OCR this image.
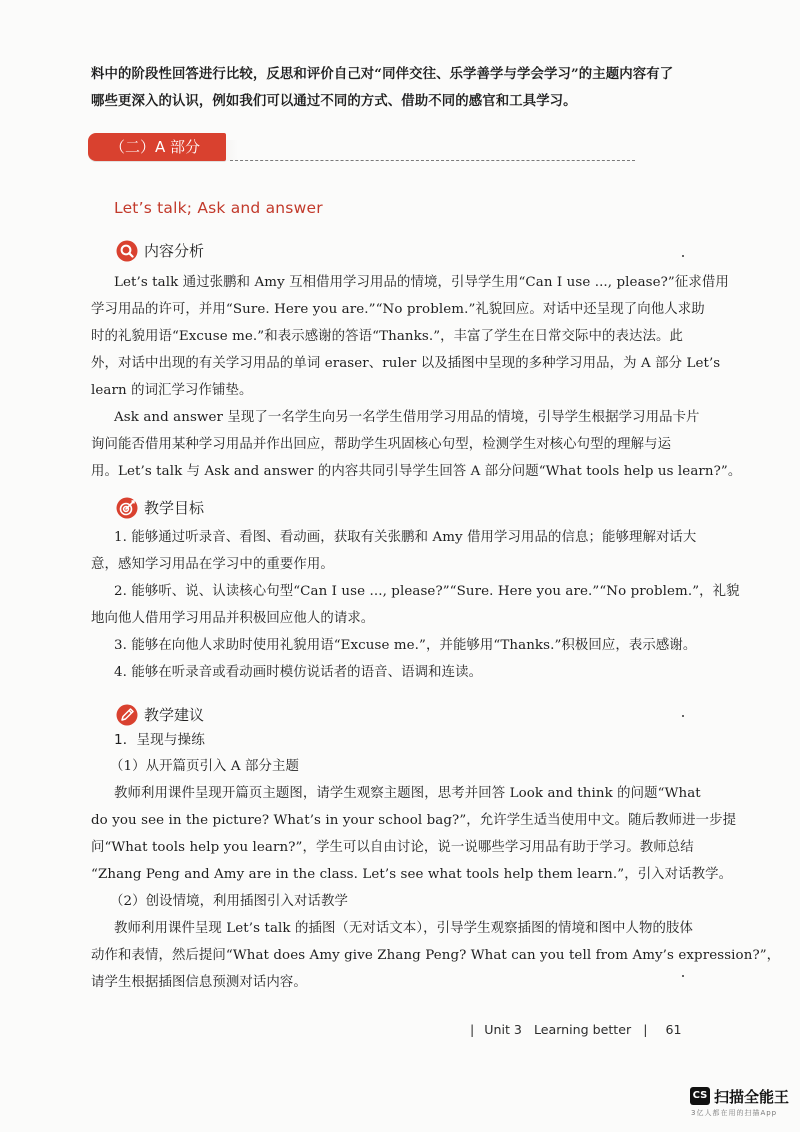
料中的阶段性回答进行比较，反思和评价自己对“同伴交往、乐学善学与学会学习”的主题内容有了
哪些更深入的认识，例如我们可以通过不同的方式、借助不同的感官和工具学习。
（二）A 部分
Let’s talk; Ask and answer
内容分析
Let’s talk 通过张鹏和 Amy 互相借用学习用品的情境，引导学生用“Can I use ..., please?”征求借用
学习用品的许可，并用“Sure. Here you are.”“No problem.”礼貌回应。对话中还呈现了向他人求助
时的礼貌用语“Excuse me.”和表示感谢的答语“Thanks.”，丰富了学生在日常交际中的表达法。此
外，对话中出现的有关学习用品的单词 eraser、ruler 以及插图中呈现的多种学习用品，为 A 部分 Let’s
learn 的词汇学习作铺垫。
Ask and answer 呈现了一名学生向另一名学生借用学习用品的情境，引导学生根据学习用品卡片
询问能否借用某种学习用品并作出回应，帮助学生巩固核心句型，检测学生对核心句型的理解与运
用。Let’s talk 与 Ask and answer 的内容共同引导学生回答 A 部分问题“What tools help us learn?”。
教学目标
1. 能够通过听录音、看图、看动画，获取有关张鹏和 Amy 借用学习用品的信息；能够理解对话大
意，感知学习用品在学习中的重要作用。
2. 能够听、说、认读核心句型“Can I use ..., please?”“Sure. Here you are.”“No problem.”，礼貌
地向他人借用学习用品并积极回应他人的请求。
3. 能够在向他人求助时使用礼貌用语“Excuse me.”，并能够用“Thanks.”积极回应，表示感谢。
4. 能够在听录音或看动画时模仿说话者的语音、语调和连读。
教学建议
1．呈现与操练
（1）从开篇页引入 A 部分主题
教师利用课件呈现开篇页主题图，请学生观察主题图，思考并回答 Look and think 的问题“What
do you see in the picture? What’s in your school bag?”，允许学生适当使用中文。随后教师进一步提
问“What tools help you learn?”，学生可以自由讨论，说一说哪些学习用品有助于学习。教师总结
“Zhang Peng and Amy are in the class. Let’s see what tools help them learn.”，引入对话教学。
（2）创设情境，利用插图引入对话教学
教师利用课件呈现 Let’s talk 的插图（无对话文本），引导学生观察插图的情境和图中人物的肢体
动作和表情，然后提问“What does Amy give Zhang Peng? What can you tell from Amy’s expression?”，
请学生根据插图信息预测对话内容。
| Unit 3 Learning better | 61
CS 扫描全能王
3亿人都在用的扫描App
